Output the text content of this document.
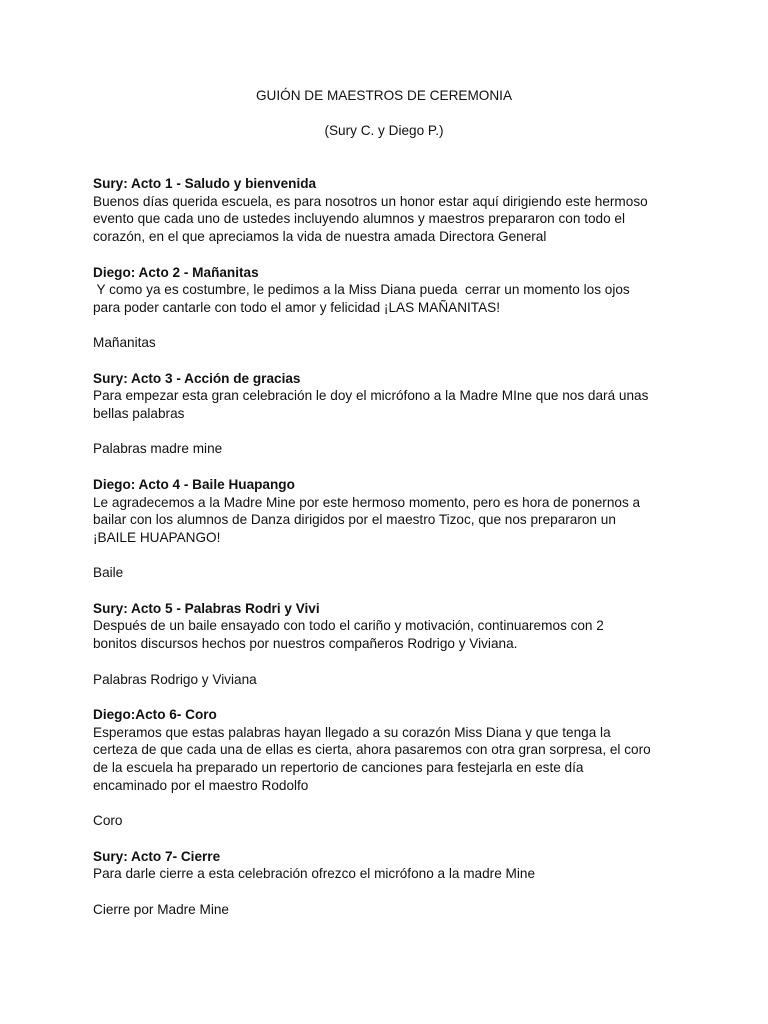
GUIÓN DE MAESTROS DE CEREMONIA
(Sury C. y Diego P.)
Sury: Acto 1 - Saludo y bienvenida
Buenos días querida escuela, es para nosotros un honor estar aquí dirigiendo este hermoso
evento que cada uno de ustedes incluyendo alumnos y maestros prepararon con todo el
corazón, en el que apreciamos la vida de nuestra amada Directora General
Diego: Acto 2 - Mañanitas
Y como ya es costumbre, le pedimos a la Miss Diana pueda  cerrar un momento los ojos
para poder cantarle con todo el amor y felicidad ¡LAS MAÑANITAS!
Mañanitas
Sury: Acto 3 - Acción de gracias
Para empezar esta gran celebración le doy el micrófono a la Madre MIne que nos dará unas
bellas palabras
Palabras madre mine
Diego: Acto 4 - Baile Huapango
Le agradecemos a la Madre Mine por este hermoso momento, pero es hora de ponernos a
bailar con los alumnos de Danza dirigidos por el maestro Tizoc, que nos prepararon un
¡BAILE HUAPANGO!
Baile
Sury: Acto 5 - Palabras Rodri y Vivi
Después de un baile ensayado con todo el cariño y motivación, continuaremos con 2
bonitos discursos hechos por nuestros compañeros Rodrigo y Viviana.
Palabras Rodrigo y Viviana
Diego:Acto 6- Coro
Esperamos que estas palabras hayan llegado a su corazón Miss Diana y que tenga la
certeza de que cada una de ellas es cierta, ahora pasaremos con otra gran sorpresa, el coro
de la escuela ha preparado un repertorio de canciones para festejarla en este día
encaminado por el maestro Rodolfo
Coro
Sury: Acto 7- Cierre
Para darle cierre a esta celebración ofrezco el micrófono a la madre Mine
Cierre por Madre Mine
